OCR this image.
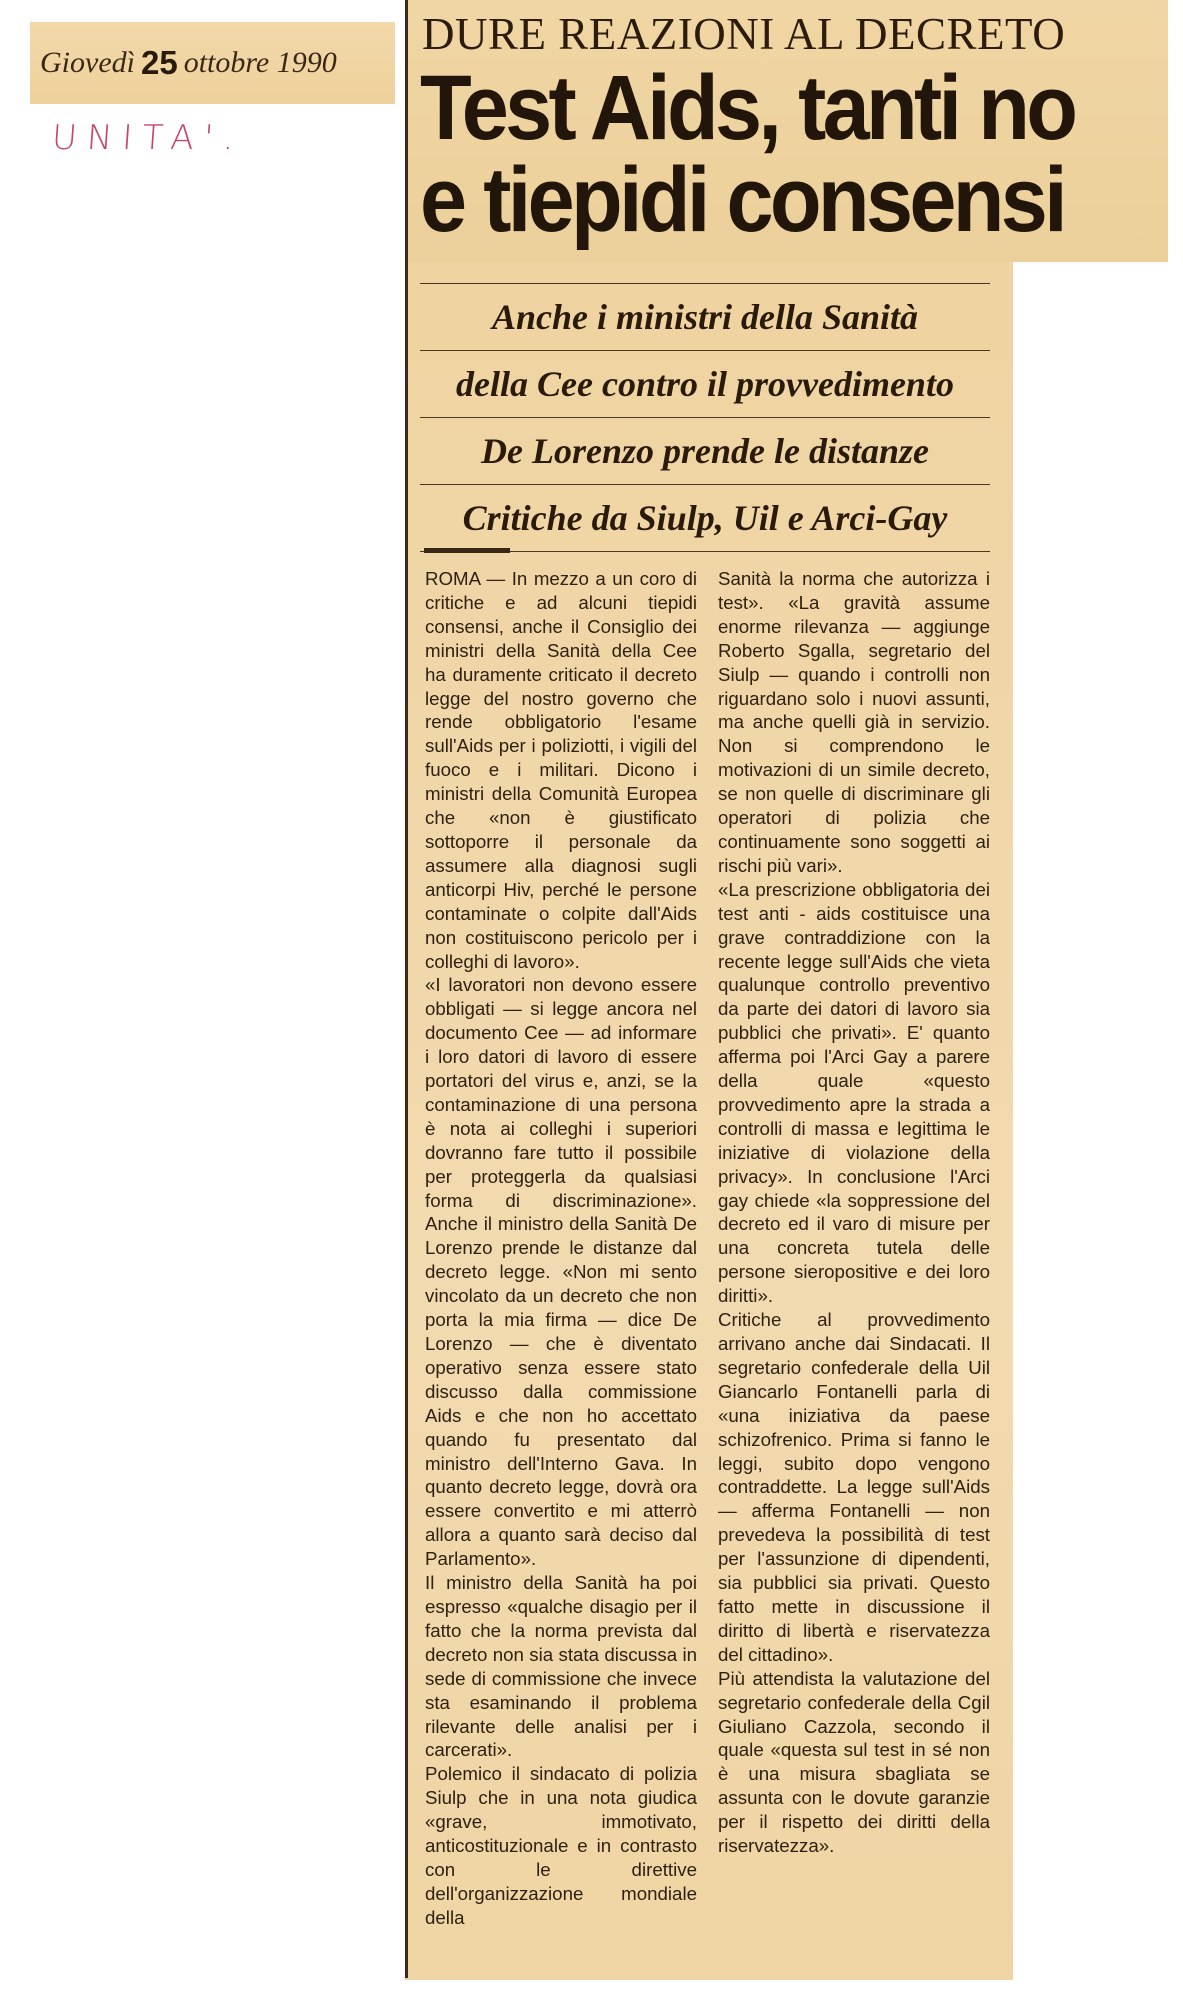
Giovedì 25 ottobre 1990
UNITA'.
DURE REAZIONI AL DECRETO
Test Aids, tanti no
e tiepidi consensi
Anche i ministri della Sanità
della Cee contro il provvedimento
De Lorenzo prende le distanze
Critiche da Siulp, Uil e Arci-Gay

ROMA — In mezzo a un coro di critiche e ad alcuni tiepidi consensi, anche il Consiglio dei ministri della Sanità della Cee ha duramente criticato il decreto legge del nostro governo che rende obbligatorio l'esame sull'Aids per i poliziotti, i vigili del fuoco e i militari. Dicono i ministri della Comunità Europea che «non è giustificato sottoporre il personale da assumere alla diagnosi sugli anticorpi Hiv, perché le persone contaminate o colpite dall'Aids non costituiscono pericolo per i colleghi di lavoro».

«I lavoratori non devono essere obbligati — si legge ancora nel documento Cee — ad informare i loro datori di lavoro di essere portatori del virus e, anzi, se la contaminazione di una persona è nota ai colleghi i superiori dovranno fare tutto il possibile per proteggerla da qualsiasi forma di discriminazione». Anche il ministro della Sanità De Lorenzo prende le distanze dal decreto legge. «Non mi sento vincolato da un decreto che non porta la mia firma — dice De Lorenzo — che è diventato operativo senza essere stato discusso dalla commissione Aids e che non ho accettato quando fu presentato dal ministro dell'Interno Gava. In quanto decreto legge, dovrà ora essere convertito e mi atterrò allora a quanto sarà deciso dal Parlamento».

Il ministro della Sanità ha poi espresso «qualche disagio per il fatto che la norma prevista dal decreto non sia stata discussa in sede di commissione che invece sta esaminando il problema rilevante delle analisi per i carcerati».

Polemico il sindacato di polizia Siulp che in una nota giudica «grave, immotivato, anticostituzionale e in contrasto con le direttive dell'organizzazione mondiale della

Sanità la norma che autorizza i test». «La gravità assume enorme rilevanza — aggiunge Roberto Sgalla, segretario del Siulp — quando i controlli non riguardano solo i nuovi assunti, ma anche quelli già in servizio. Non si comprendono le motivazioni di un simile decreto, se non quelle di discriminare gli operatori di polizia che continuamente sono soggetti ai rischi più vari».

«La prescrizione obbligatoria dei test anti - aids costituisce una grave contraddizione con la recente legge sull'Aids che vieta qualunque controllo preventivo da parte dei datori di lavoro sia pubblici che privati». E' quanto afferma poi l'Arci Gay a parere della quale «questo provvedimento apre la strada a controlli di massa e legittima le iniziative di violazione della privacy». In conclusione l'Arci gay chiede «la soppressione del decreto ed il varo di misure per una concreta tutela delle persone sieropositive e dei loro diritti».

Critiche al provvedimento arrivano anche dai Sindacati. Il segretario confederale della Uil Giancarlo Fontanelli parla di «una iniziativa da paese schizofrenico. Prima si fanno le leggi, subito dopo vengono contraddette. La legge sull'Aids — afferma Fontanelli — non prevedeva la possibilità di test per l'assunzione di dipendenti, sia pubblici sia privati. Questo fatto mette in discussione il diritto di libertà e riservatezza del cittadino».

Più attendista la valutazione del segretario confederale della Cgil Giuliano Cazzola, secondo il quale «questa sul test in sé non è una misura sbagliata se assunta con le dovute garanzie per il rispetto dei diritti della riservatezza».
